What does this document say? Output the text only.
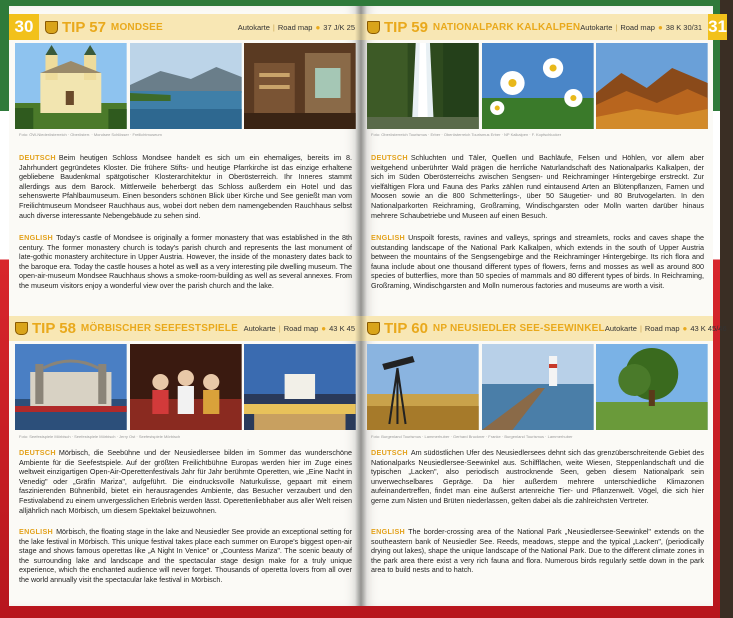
30	TIP 57 MONDSEE	Autokarte | Road map ● 37 J/K 25
Foto: ÖW-Niederösterreich · Oberösterr. · Mondsee Schlösser · Freilichtmuseum
DEUTSCH Beim heutigen Schloss Mondsee handelt es sich um ein ehemaliges, bereits im 8. Jahrhundert gegründetes Kloster. Die frühere Stifts- und heutige Pfarrkirche ist das einzige erhaltene gebliebene Baudenkmal spätgotischer Klosterarchitektur in Oberösterreich. Ihr Inneres stammt allerdings aus dem Barock. Mittlerweile beherbergt das Schloss außerdem ein Hotel und das sehenswerte Pfahlbaumuseum. Einen besonders schönen Blick über Kirche und See genießt man vom Freilichtmuseum Mondseer Rauchhaus aus, wobei dort neben dem namengebenden Rauchhaus selbst auch diverse interessante Nebengebäude zu sehen sind.
ENGLISH Today's castle of Mondsee is originally a former monastery that was established in the 8th century. The former monastery church is today's parish church and represents the last monument of late-gothic monastery architecture in Upper Austria. However, the inside of the monastery dates back to the baroque era. Today the castle houses a hotel as well as a very interesting pile dwelling museum. The open-air-museum Mondsee Rauchhaus shows a smoke-room-building as well as several annexes. From the museum visitors enjoy a wonderful view over the parish church and the lake.
TIP 58 MÖRBISCHER SEEFESTSPIELE Autokarte | Road map ● 43 K 45
Foto: Seefestspiele Mörbisch · Seefestspiele Mörbisch · Jerry Ost · Seefestspiele Mörbisch
DEUTSCH Mörbisch, die Seebühne und der Neusiedlersee bilden im Sommer das wunderschöne Ambiente für die Seefestspiele. Auf der größten Freilichtbühne Europas werden hier im Zuge eines weltweit einzigartigen Open-Air-Operettenfestivals Jahr für Jahr berühmte Operetten, wie „Eine Nacht in Venedig" oder „Gräfin Mariza", aufgeführt. Die eindrucksvolle Naturkulisse, gepaart mit einem faszinierenden Bühnenbild, bietet ein herausragendes Ambiente, das Besucher verzaubert und den Festivalabend zu einem unvergesslichen Erlebnis werden lässt. Operettenliebhaber aus aller Welt reisen alljährlich nach Mörbisch, um diesem Spektakel beizuwohnen.
ENGLISH Mörbisch, the floating stage in the lake and Neusiedler See provide an exceptional setting for the lake festival in Mörbisch. This unique festival takes place each summer on Europe's biggest open-air stage and shows famous operettas like „A Night In Venice" or „Countess Mariza". The scenic beauty of the surrounding lake and landscape and the spectacular stage design make for a truly unique experience, which the enchanted audience will never forget. Thousands of operetta lovers from all over the world annually visit the spectacular lake festival in Mörbisch.
TIP 59 NATIONALPARK KALKALPEN Autokarte | Road map ● 38 K 30/31 31
Foto: Oberösterreich Tourismus · Erber · Oberösterreich Tourismus Erber · NP Kalkalpen · F. Kopfschlucker
DEUTSCH Schluchten und Täler, Quellen und Bachläufe, Felsen und Höhlen, vor allem aber weitgehend unberührter Wald prägen die herrliche Naturlandschaft des Nationalparks Kalkalpen, der sich im Süden Oberösterreichs zwischen Sengsen- und Reichraminger Hintergebirge erstreckt. Zur vielfältigen Flora und Fauna des Parks zählen rund eintausend Arten an Blütenpflanzen, Farnen und Moosen sowie an die 800 Schmetterlings-, über 50 Säugetier- und 80 Brutvogelarten. In den Nationalparkorten Reichraming, Großraming, Windischgarsten oder Molln warten darüber hinaus mehrere Schaubetriebe und Museen auf einen Besuch.
ENGLISH Unspoilt forests, ravines and valleys, springs and streamlets, rocks and caves shape the outstanding landscape of the National Park Kalkalpen, which extends in the south of Upper Austria between the mountains of the Sengsengebirge and the Reichraminger Hintergebirge. Its rich flora and fauna include about one thousand different types of flowers, ferns and mosses as well as around 800 species of butterflies, more than 50 species of mammals and 80 different types of birds. In Reichraming, Großraming, Windischgarsten and Molln numerous factories and museums are worth a visit.
TIP 60 NP NEUSIEDLER SEE-SEEWINKEL Autokarte | Road map ● 43 K 45/46
Foto: Burgenland Tourismus · Lammerhuber · Gerhard Bruckner · Franke · Burgenland Tourismus · Lammerhuber
DEUTSCH Am südöstlichen Ufer des Neusiedlersees dehnt sich das grenzüberschreitende Gebiet des Nationalparks Neusiedlersee-Seewinkel aus. Schilfflächen, weite Wiesen, Steppenlandschaft und die typischen „Lacken", also periodisch austrocknende Seen, geben diesem Nationalpark sein unverwechselbares Gepräge. Da hier außerdem mehrere unterschiedliche Klimazonen aufeinandertreffen, findet man eine äußerst artenreiche Tier- und Pflanzenwelt. Vögel, die sich hier gerne zum Nisten und Brüten niederlassen, gelten dabei als die zahlreichsten Vertreter.
ENGLISH The border-crossing area of the National Park „Neusiedlersee-Seewinkel" extends on the southeastern bank of Neusiedler See. Reeds, meadows, steppe and the typical „Lacken", (periodically drying out lakes), shape the unique landscape of the National Park. Due to the different climate zones in the park area there exist a very rich fauna and flora. Numerous birds regularly settle down in the park area to build nests and to hatch.
